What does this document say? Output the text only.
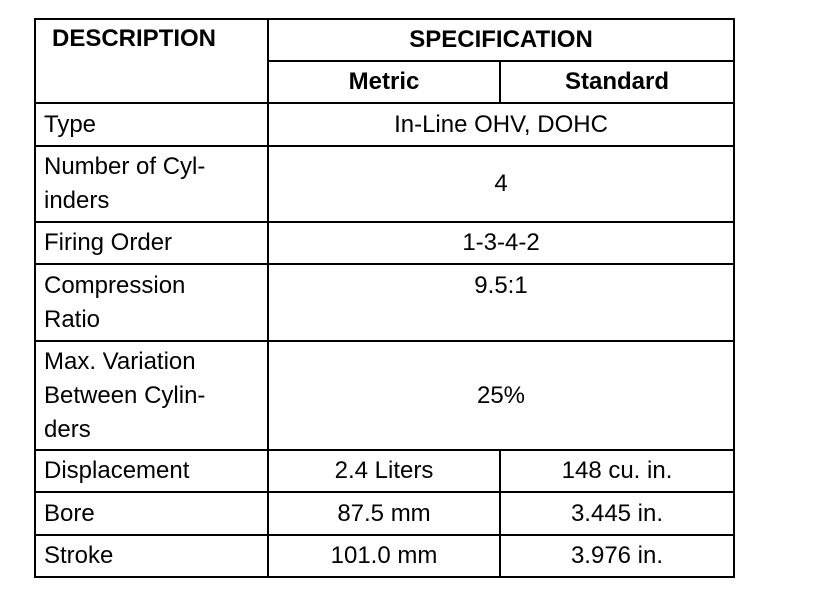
DESCRIPTION	SPECIFICATION	
	Metric	Standard
Type	In-Line OHV, DOHC	

Number of Cyl-
inders	4	
Firing Order	1-3-4-2	

Compression
Ratio	9.5:1	

Max. Variation
Between Cylin-
ders	25%	
Displacement	2.4 Liters	148 cu. in.
Bore	87.5 mm	3.445 in.
Stroke	101.0 mm	3.976 in.
